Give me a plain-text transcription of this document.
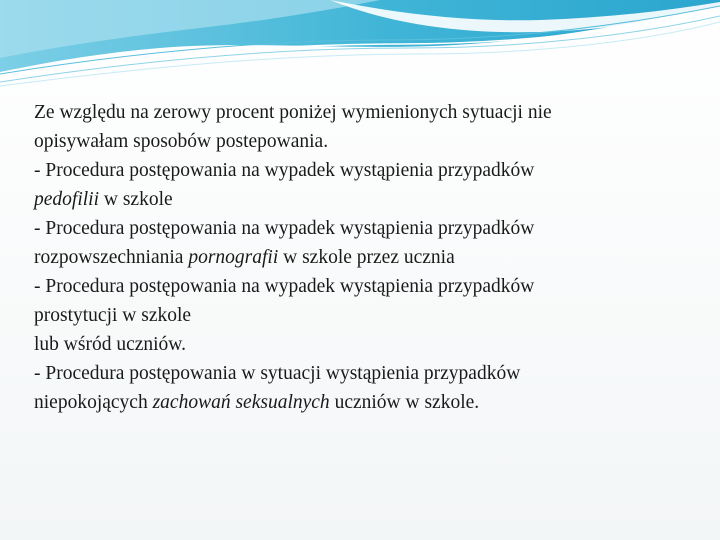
Ze względu na zerowy procent poniżej wymienionych sytuacji nie
opisywałam sposobów postepowania.
- Procedura postępowania na wypadek wystąpienia przypadków
pedofilii w szkole
- Procedura postępowania na wypadek wystąpienia przypadków
rozpowszechniania pornografii w szkole przez ucznia
- Procedura postępowania na wypadek wystąpienia przypadków
prostytucji w szkole
lub wśród uczniów.
- Procedura postępowania w sytuacji wystąpienia przypadków
niepokojących zachowań seksualnych uczniów w szkole.
